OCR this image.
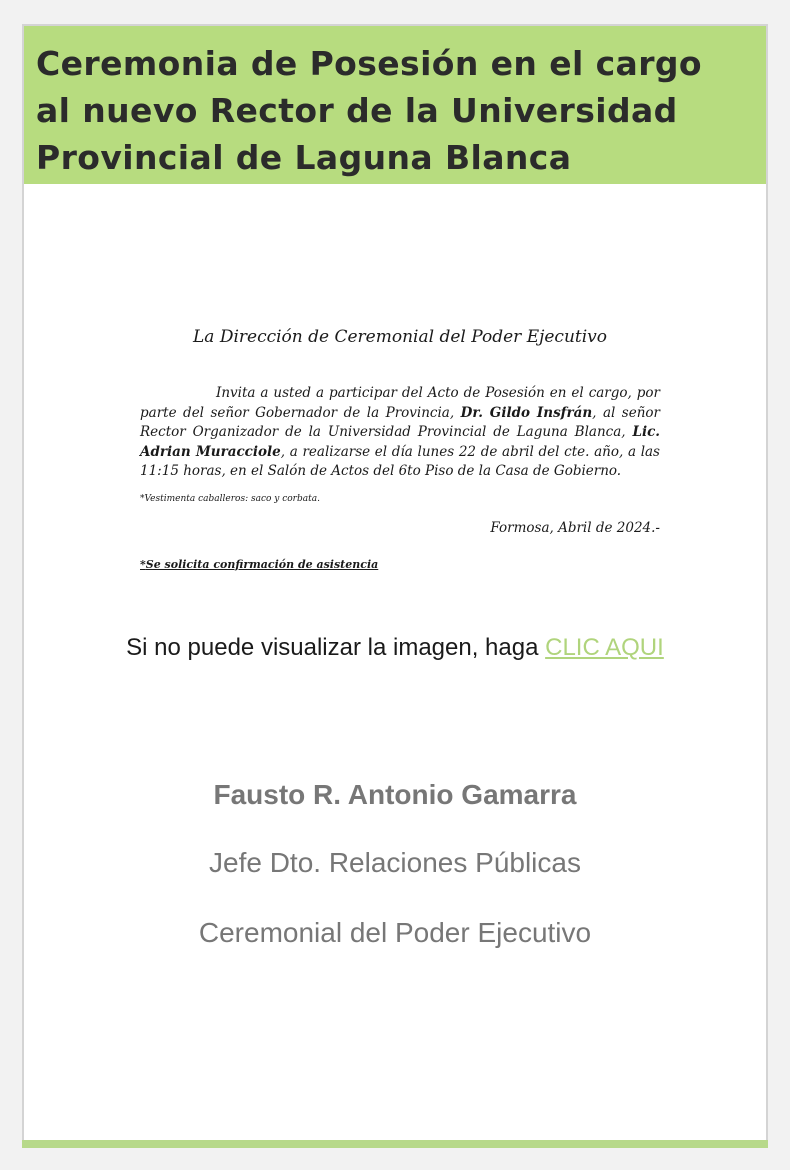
Ceremonia de Posesión en el cargo al nuevo Rector de la Universidad Provincial de Laguna Blanca

La Dirección de Ceremonial del Poder Ejecutivo

Invita a usted a participar del Acto de Posesión en el cargo, por parte del señor Gobernador de la Provincia, Dr. Gildo Insfrán, al señor Rector Organizador de la Universidad Provincial de Laguna Blanca, Lic. Adrian Muracciole, a realizarse el día lunes 22 de abril del cte. año, a las 11:15 horas, en el Salón de Actos del 6to Piso de la Casa de Gobierno.

*Vestimenta caballeros: saco y corbata.

Formosa, Abril de 2024.-

*Se solicita confirmación de asistencia

Si no puede visualizar la imagen, haga CLIC AQUI
Fausto R. Antonio Gamarra
Jefe Dto. Relaciones Públicas
Ceremonial del Poder Ejecutivo
